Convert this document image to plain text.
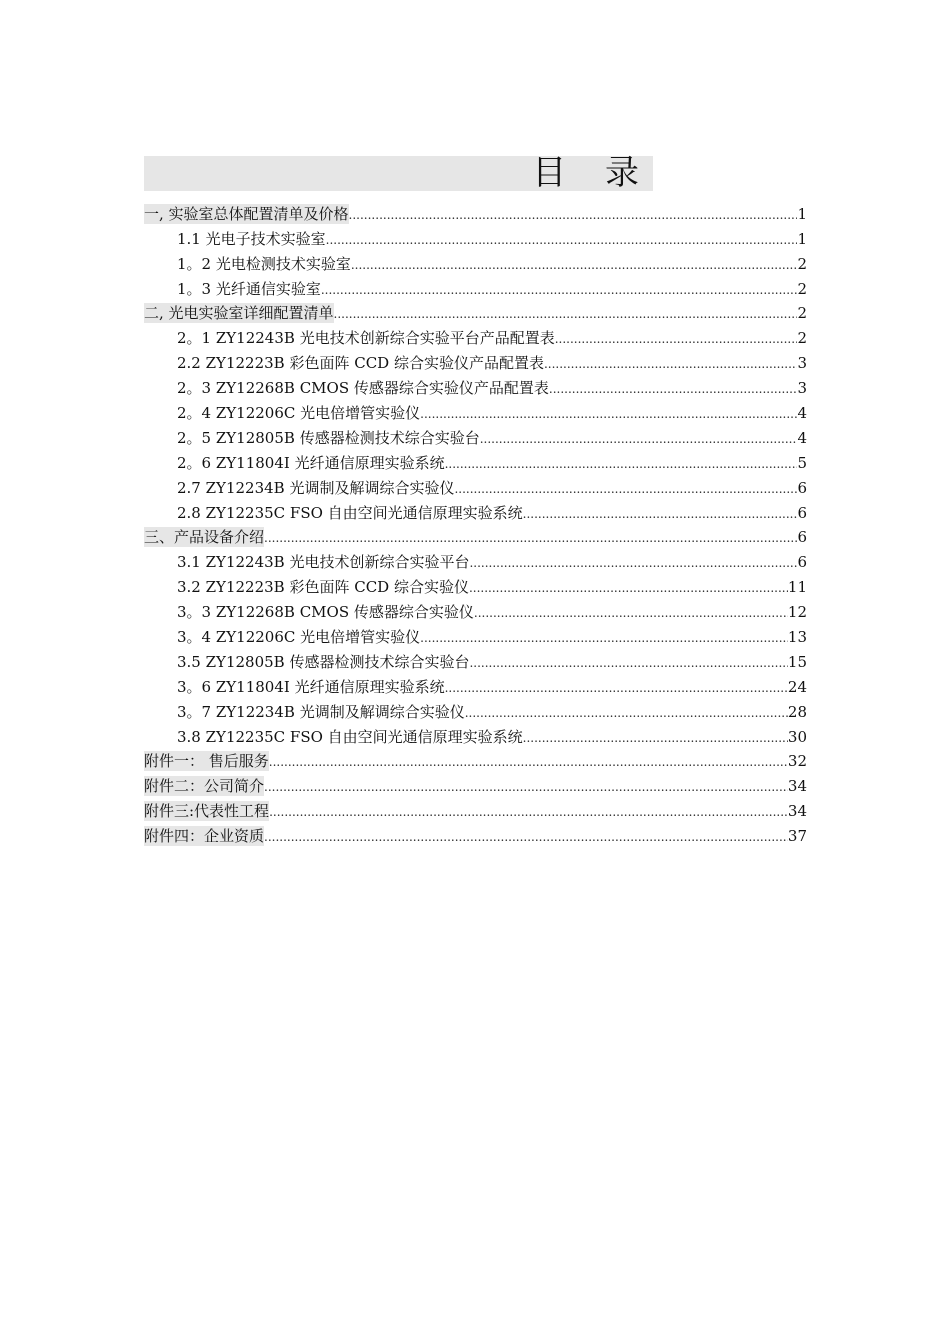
目 录
一, 实验室总体配置清单及价格 .....	1
1.1 光电子技术实验室 .....	1
1。2 光电检测技术实验室 .....	2
1。3 光纤通信实验室 .....	2
二, 光电实验室详细配置清单 .....	2
2。1 ZY12243B 光电技术创新综合实验平台产品配置表 .....	2
2.2 ZY12223B 彩色面阵 CCD 综合实验仪产品配置表 .....	3
2。3 ZY12268B CMOS 传感器综合实验仪产品配置表 .....	3
2。4 ZY12206C 光电倍增管实验仪 .....	4
2。5 ZY12805B 传感器检测技术综合实验台 .....	4
2。6 ZY11804I 光纤通信原理实验系统 .....	5
2.7 ZY12234B 光调制及解调综合实验仪 .....	6
2.8 ZY12235C FSO 自由空间光通信原理实验系统 .....	6
三、产品设备介绍 .....	6
3.1 ZY12243B 光电技术创新综合实验平台 .....	6
3.2 ZY12223B 彩色面阵 CCD 综合实验仪 .....	11
3。3 ZY12268B CMOS 传感器综合实验仪 .....	12
3。4 ZY12206C 光电倍增管实验仪 .....	13
3.5 ZY12805B 传感器检测技术综合实验台 .....	15
3。6 ZY11804I 光纤通信原理实验系统 .....	24
3。7 ZY12234B 光调制及解调综合实验仪 .....	28
3.8 ZY12235C FSO 自由空间光通信原理实验系统 .....	30
附件一： 售后服务 .....	32
附件二：公司简介 .....	34
附件三:代表性工程 .....	34
附件四：企业资质 .....	37
